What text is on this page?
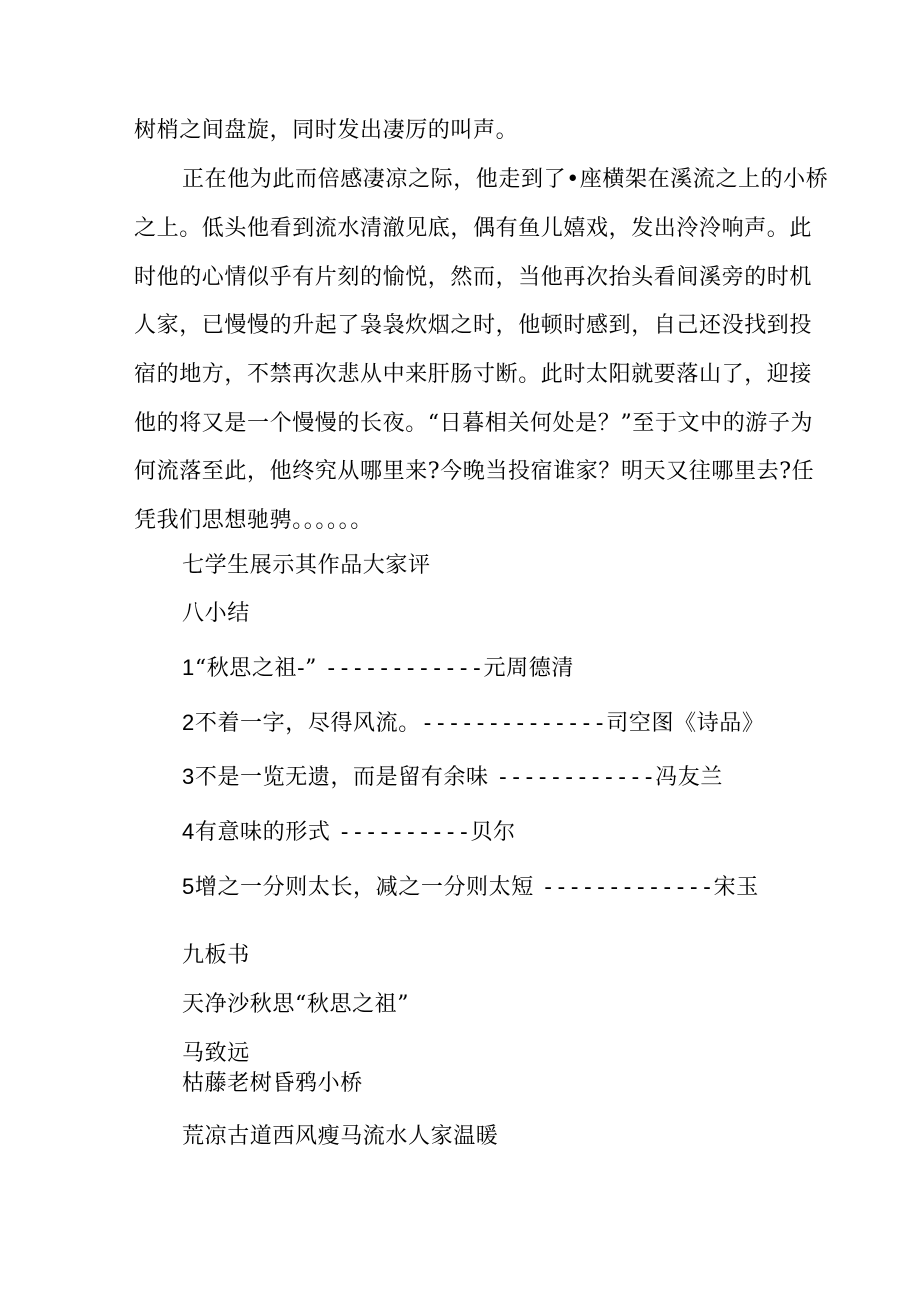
树梢之间盘旋，同时发出凄厉的叫声。
正在他为此而倍感凄凉之际，他走到了•座横架在溪流之上的小桥
之上。低头他看到流水清澈见底，偶有鱼儿嬉戏，发出泠泠响声。此
时他的心情似乎有片刻的愉悦，然而，当他再次抬头看间溪旁的时机
人家，已慢慢的升起了袅袅炊烟之时，他顿时感到，自己还没找到投
宿的地方，不禁再次悲从中来肝肠寸断。此时太阳就要落山了，迎接
他的将又是一个慢慢的长夜。“日暮相关何处是？”至于文中的游子为
何流落至此，他终究从哪里来?今晚当投宿谁家？明天又往哪里去?任
凭我们思想驰骋。。。。。。
七学生展示其作品大家评
八小结
1“秋思之祖-” ------------元周德清
2不着一字，尽得风流。--------------司空图《诗品》
3不是一览无遗，而是留有余味 ------------冯友兰
4有意味的形式 ----------贝尔
5增之一分则太长，减之一分则太短 -------------宋玉
九板书
天净沙秋思“秋思之祖”
马致远
枯藤老树昏鸦小桥
荒凉古道西风瘦马流水人家温暖
